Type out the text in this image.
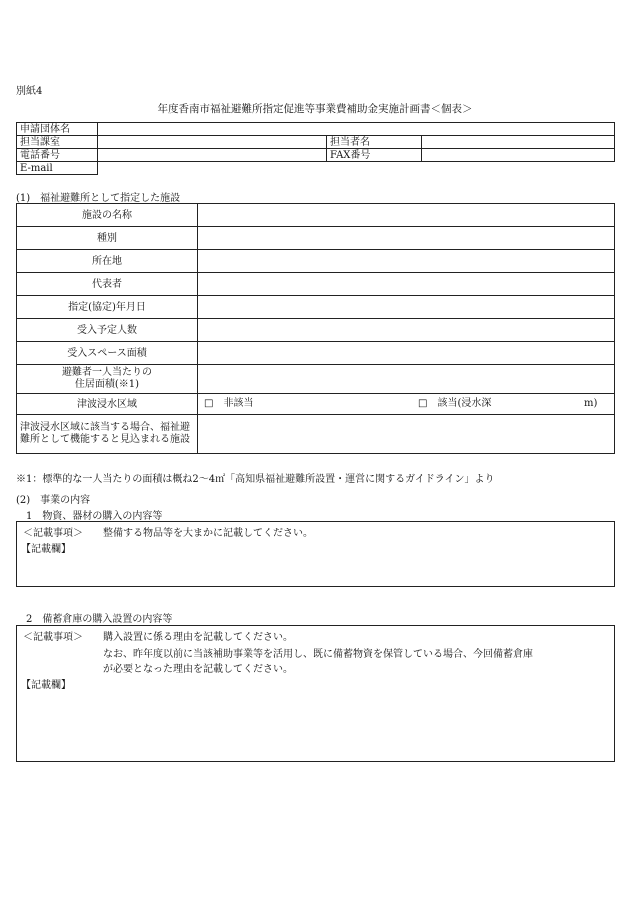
別紙4
年度香南市福祉避難所指定促進等事業費補助金実施計画書＜個表＞
申請団体名			
担当課室		担当者名	
電話番号		FAX番号	
E-mail			
(1)　福祉避難所として指定した施設
施設の名称	
種別	
所在地	
代表者	
指定(協定)年月日	
受入予定人数	
受入スペース面積	

避難者一人当たりの
住居面積(※1)	

津波浸水区域	□　非該当 □　該当(浸水深 m)

津波浸水区域に該当する場合、福祉避難所として機能すると見込まれる施設	
※1：標準的な一人当たりの面積は概ね2～4㎡「高知県福祉避難所設置・運営に関するガイドライン」より
(2)　事業の内容
1　物資、器材の購入の内容等
＜記載事項＞ 整備する物品等を大まかに記載してください。
【記載欄】
2　備蓄倉庫の購入設置の内容等
＜記載事項＞ 購入設置に係る理由を記載してください。
なお、昨年度以前に当該補助事業等を活用し、既に備蓄物資を保管している場合、今回備蓄倉庫
が必要となった理由を記載してください。
【記載欄】
